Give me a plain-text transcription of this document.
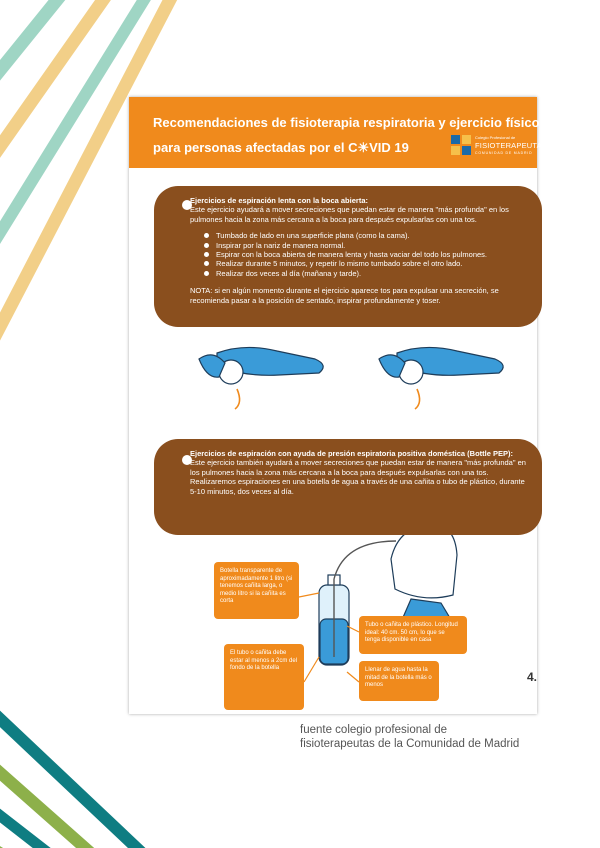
Recomendaciones de fisioterapia respiratoria y ejercicio físico
para personas afectadas por el C☀VID 19
Colegio Profesional de
FISIOTERAPEUTAS
COMUNIDAD DE MADRID
Ejercicios de espiración lenta con la boca abierta:
Este ejercicio ayudará a mover secreciones que puedan estar de manera "más profunda" en los pulmones hacia la zona más cercana a la boca para después expulsarlas con una tos.
Tumbado de lado en una superficie plana (como la cama).
Inspirar por la nariz de manera normal.
Espirar con la boca abierta de manera lenta y hasta vaciar del todo los pulmones.
Realizar durante 5 minutos, y repetir lo mismo tumbado sobre el otro lado.
Realizar dos veces al día (mañana y tarde).
NOTA: si en algún momento durante el ejercicio aparece tos para expulsar una secreción, se recomienda pasar a la posición de sentado, inspirar profundamente y toser.
Ejercicios de espiración con ayuda de presión espiratoria positiva doméstica (Bottle PEP):
Este ejercicio también ayudará a mover secreciones que puedan estar de manera "más profunda" en los pulmones hacia la zona más cercana a la boca para después expulsarlas con una tos. Realizaremos espiraciones en una botella de agua a través de una cañita o tubo de plástico, durante 5-10 minutos, dos veces al día.
Botella transparente de aproximadamente 1 litro (si tenemos cañita larga, o medio litro si la cañita es corta
Tubo o cañita de plástico. Longitud ideal: 40 cm. 50 cm, lo que se tenga disponible en casa
El tubo o cañita debe estar al menos a 2cm del fondo de la botella	Llenar de agua hasta la mitad de la botella más o menos
4.
fuente colegio profesional de
fisioterapeutas de la Comunidad de Madrid
